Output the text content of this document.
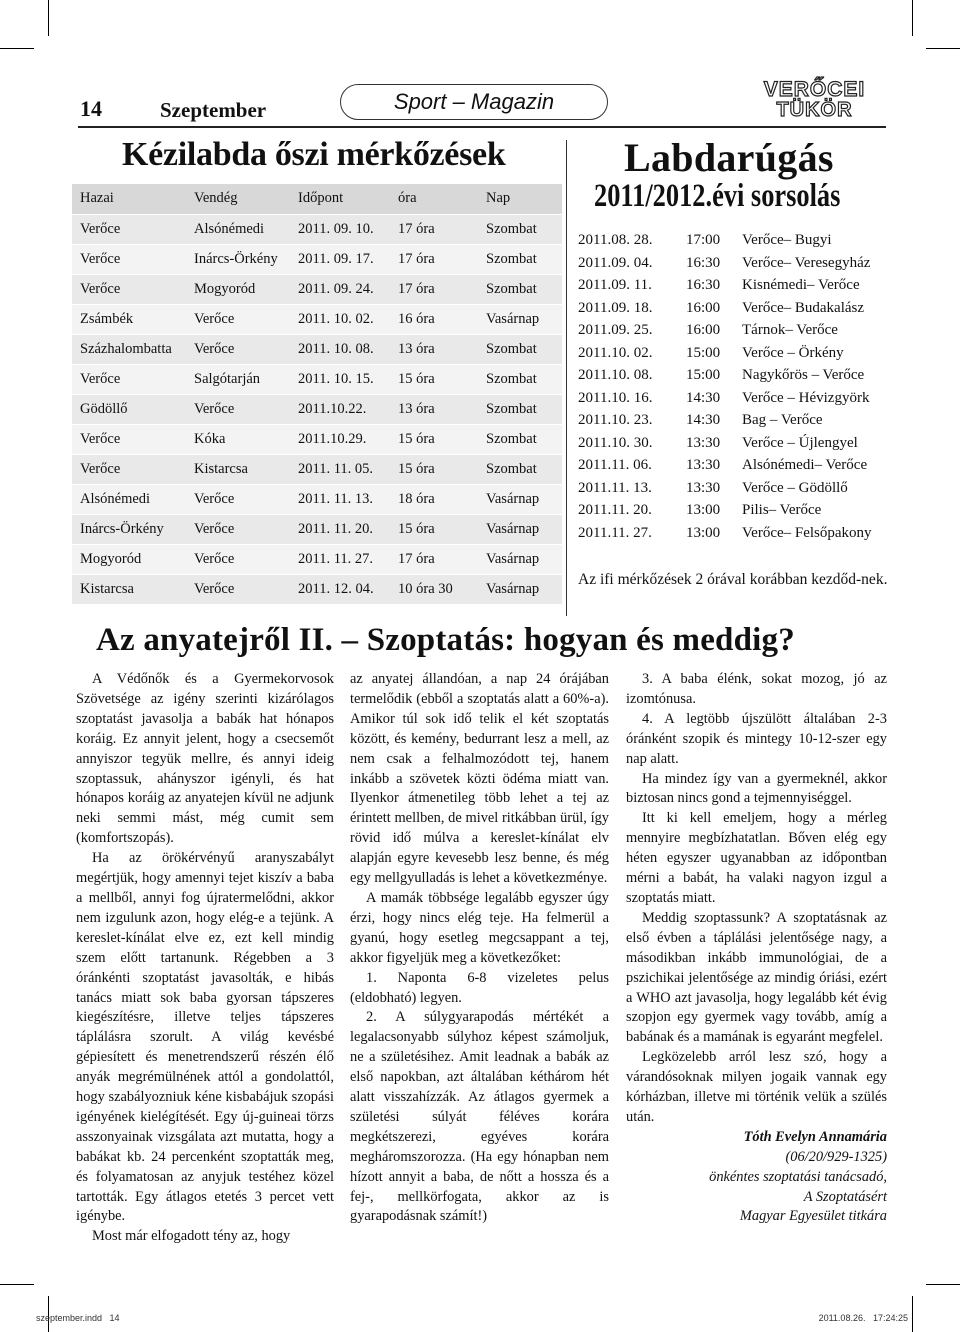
14	Szeptember	Sport – Magazin	VERŐCEI
TÜKÖR
Kézilabda őszi mérkőzések
Hazai	Vendég	Időpont	óra	Nap
Verőce	Alsónémedi	2011. 09. 10.	17 óra	Szombat
Verőce	Inárcs-Örkény	2011. 09. 17.	17 óra	Szombat
Verőce	Mogyoród	2011. 09. 24.	17 óra	Szombat
Zsámbék	Verőce	2011. 10. 02.	16 óra	Vasárnap
Százhalombatta	Verőce	2011. 10. 08.	13 óra	Szombat
Verőce	Salgótarján	2011. 10. 15.	15 óra	Szombat
Gödöllő	Verőce	2011.10.22.	13 óra	Szombat
Verőce	Kóka	2011.10.29.	15 óra	Szombat
Verőce	Kistarcsa	2011. 11. 05.	15 óra	Szombat
Alsónémedi	Verőce	2011. 11. 13.	18 óra	Vasárnap
Inárcs-Örkény	Verőce	2011. 11. 20.	15 óra	Vasárnap
Mogyoród	Verőce	2011. 11. 27.	17 óra	Vasárnap
Kistarcsa	Verőce	2011. 12. 04.	10 óra 30	Vasárnap
Labdarúgás
2011/2012.évi sorsolás
2011.08. 28. 17:00 Verőce– Bugyi
2011.09. 04. 16:30 Verőce– Veresegyház
2011.09. 11. 16:30 Kisnémedi– Verőce
2011.09. 18. 16:00 Verőce– Budakalász
2011.09. 25. 16:00 Tárnok– Verőce
2011.10. 02. 15:00 Verőce – Örkény
2011.10. 08. 15:00 Nagykőrös – Verőce
2011.10. 16. 14:30 Verőce – Hévizgyörk
2011.10. 23. 14:30 Bag – Verőce
2011.10. 30. 13:30 Verőce – Újlengyel
2011.11. 06. 13:30 Alsónémedi– Verőce
2011.11. 13. 13:30 Verőce – Gödöllő
2011.11. 20. 13:00 Pilis– Verőce
2011.11. 27. 13:00 Verőce– Felsőpakony
Az ifi mérkőzések 2 órával korábban kezdőd-nek.
Az anyatejről II. – Szoptatás: hogyan és meddig?

A Védőnők és a Gyermekorvosok Szövetsége az igény szerinti kizárólagos szoptatást javasolja a babák hat hónapos koráig. Ez annyit jelent, hogy a csecsemőt annyiszor tegyük mellre, és annyi ideig szoptassuk, ahányszor igényli, és hat hónapos koráig az anyatejen kívül ne adjunk neki semmi mást, még cumit sem (komfortszopás).

Ha az örökérvényű aranyszabályt megértjük, hogy amennyi tejet kiszív a baba a mellből, annyi fog újratermelődni, akkor nem izgulunk azon, hogy elég-e a tejünk. A kereslet-kínálat elve ez, ezt kell mindig szem előtt tartanunk. Régebben a 3 óránkénti szoptatást javasolták, e hibás tanács miatt sok baba gyorsan tápszeres kiegészítésre, illetve teljes tápszeres táplálásra szorult. A világ kevésbé gépiesített és menetrendszerű részén élő anyák megrémülnének attól a gondolattól, hogy szabályozniuk kéne kisbabájuk szopási igényének kielégítését. Egy új-guineai törzs asszonyainak vizsgálata azt mutatta, hogy a babákat kb. 24 percenként szoptatták meg, és folyamatosan az anyjuk testéhez közel tartották. Egy átlagos etetés 3 percet vett igénybe.

Most már elfogadott tény az, hogy

az anyatej állandóan, a nap 24 órájában termelődik (ebből a szoptatás alatt a 60%-a). Amikor túl sok idő telik el két szoptatás között, és kemény, bedurrant lesz a mell, az nem csak a felhalmozódott tej, hanem inkább a szövetek közti ödéma miatt van. Ilyenkor átmenetileg több lehet a tej az érintett mellben, de mivel ritkábban ürül, így rövid idő múlva a kereslet-kínálat elv alapján egyre kevesebb lesz benne, és még egy mellgyulladás is lehet a következménye.

A mamák többsége legalább egyszer úgy érzi, hogy nincs elég teje. Ha felmerül a gyanú, hogy esetleg megcsappant a tej, akkor figyeljük meg a következőket:

1. Naponta 6-8 vizeletes pelus (eldobható) legyen.

2. A súlygyarapodás mértékét a legalacsonyabb súlyhoz képest számoljuk, ne a születésihez. Amit leadnak a babák az első napokban, azt általában kéthárom hét alatt visszahízzák. Az átlagos gyermek a születési súlyát féléves korára megkétszerezi, egyéves korára megháromszorozza. (Ha egy hónapban nem hízott annyit a baba, de nőtt a hossza és a fej-, mellkörfogata, akkor az is gyarapodásnak számít!)

3. A baba élénk, sokat mozog, jó az izomtónusa.

4. A legtöbb újszülött általában 2-3 óránként szopik és mintegy 10-12-szer egy nap alatt.

Ha mindez így van a gyermeknél, akkor biztosan nincs gond a tejmennyiséggel.

Itt ki kell emeljem, hogy a mérleg mennyire megbízhatatlan. Bőven elég egy héten egyszer ugyanabban az időpontban mérni a babát, ha valaki nagyon izgul a szoptatás miatt.

Meddig szoptassunk? A szoptatásnak az első évben a táplálási jelentősége nagy, a másodikban inkább immunológiai, de a pszichikai jelentősége az mindig óriási, ezért a WHO azt javasolja, hogy legalább két évig szopjon egy gyermek vagy tovább, amíg a babának és a mamának is egyaránt megfelel.

Legközelebb arról lesz szó, hogy a várandósoknak milyen jogaik vannak egy kórházban, illetve mi történik velük a szülés után.

Tóth Evelyn Annamária

(06/20/929-1325)

önkéntes szoptatási tanácsadó,

A Szoptatásért

Magyar Egyesület titkára

szeptember.indd   14	2011.08.26.   17:24:25
